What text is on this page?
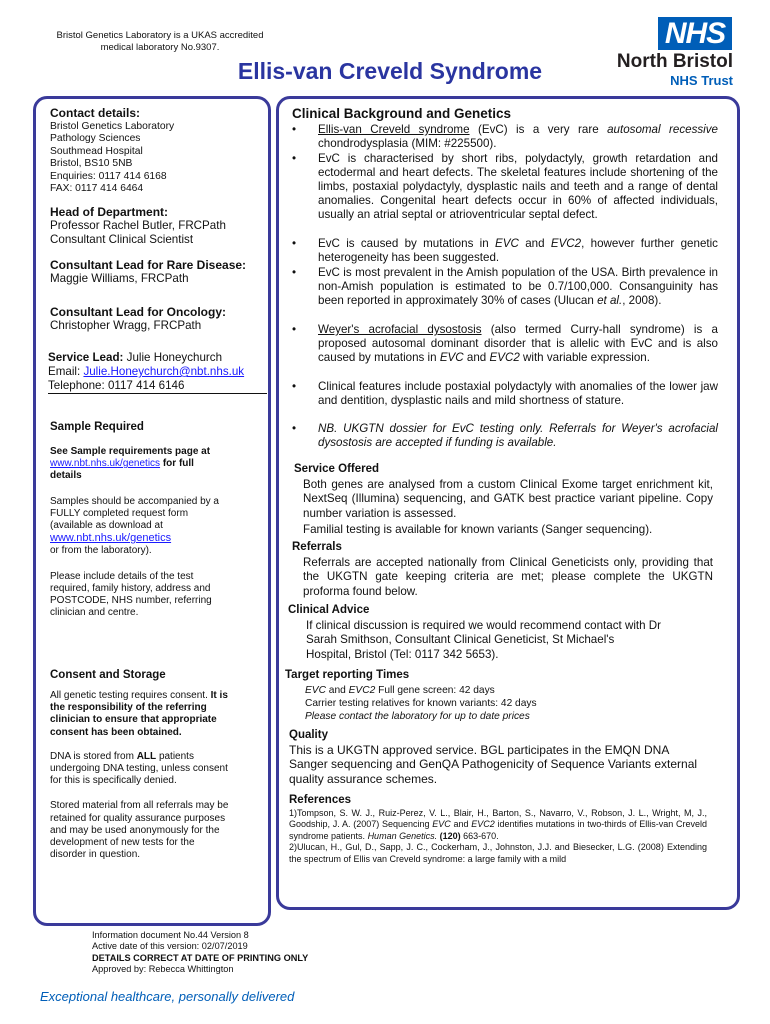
Bristol Genetics Laboratory is a UKAS accredited
medical laboratory No.9307.
Ellis-van Creveld Syndrome
NHS
North Bristol
NHS Trust
Contact details:
Bristol Genetics Laboratory
Pathology Sciences
Southmead Hospital
Bristol, BS10 5NB
Enquiries: 0117 414 6168
FAX: 0117 414 6464
Head of Department:
Professor Rachel Butler, FRCPath
Consultant Clinical Scientist
Consultant Lead for Rare Disease:
Maggie Williams, FRCPath
Consultant Lead for Oncology:
Christopher Wragg, FRCPath
Service Lead: Julie Honeychurch
Email: Julie.Honeychurch@nbt.nhs.uk
Telephone: 0117 414 6146
Sample Required
See Sample requirements page at
www.nbt.nhs.uk/genetics for full
details
Samples should be accompanied by a
FULLY completed request form
(available as download at
www.nbt.nhs.uk/genetics
or from the laboratory).
Please include details of the test
required, family history, address and
POSTCODE, NHS number, referring
clinician and centre.
Consent and Storage
All genetic testing requires consent. It is
the responsibility of the referring
clinician to ensure that appropriate
consent has been obtained.
DNA is stored from ALL patients
undergoing DNA testing, unless consent
for this is specifically denied.
Stored material from all referrals may be
retained for quality assurance purposes
and may be used anonymously for the
development of new tests for the
disorder in question.
Clinical Background and Genetics
• Ellis-van Creveld syndrome (EvC) is a very rare autosomal recessive chondrodysplasia (MIM: #225500).
• EvC is characterised by short ribs, polydactyly, growth retardation and ectodermal and heart defects. The skeletal features include shortening of the limbs, postaxial polydactyly, dysplastic nails and teeth and a range of dental anomalies. Congenital heart defects occur in 60% of affected individuals, usually an atrial septal or atrioventricular septal defect.
• EvC is caused by mutations in EVC and EVC2, however further genetic heterogeneity has been suggested.
• EvC is most prevalent in the Amish population of the USA. Birth prevalence in non-Amish population is estimated to be 0.7/100,000. Consanguinity has been reported in approximately 30% of cases (Ulucan et al., 2008).
• Weyer's acrofacial dysostosis (also termed Curry-hall syndrome) is a proposed autosomal dominant disorder that is allelic with EvC and is also caused by mutations in EVC and EVC2 with variable expression.
• Clinical features include postaxial polydactyly with anomalies of the lower jaw and dentition, dysplastic nails and mild shortness of stature.
• NB. UKGTN dossier for EvC testing only. Referrals for Weyer's acrofacial dysostosis are accepted if funding is available.
Service Offered
Both genes are analysed from a custom Clinical Exome target enrichment kit, NextSeq (Illumina) sequencing, and GATK best practice variant pipeline. Copy number variation is assessed.
Familial testing is available for known variants (Sanger sequencing).
Referrals
Referrals are accepted nationally from Clinical Geneticists only, providing that the UKGTN gate keeping criteria are met; please complete the UKGTN proforma found below.
Clinical Advice
If clinical discussion is required we would recommend contact with Dr
Sarah Smithson, Consultant Clinical Geneticist, St Michael's
Hospital, Bristol (Tel: 0117 342 5653).
Target reporting Times
EVC and EVC2 Full gene screen: 42 days
Carrier testing relatives for known variants: 42 days
Please contact the laboratory for up to date prices
Quality
This is a UKGTN approved service. BGL participates in the EMQN DNA Sanger sequencing and GenQA Pathogenicity of Sequence Variants external quality assurance schemes.
References
1)Tompson, S. W. J., Ruiz-Perez, V. L., Blair, H., Barton, S., Navarro, V., Robson, J. L., Wright, M, J., Goodship, J. A. (2007) Sequencing EVC and EVC2 identifies mutations in two-thirds of Ellis-van Creveld syndrome patients. Human Genetics. (120) 663-670.
2)Ulucan, H., Gul, D., Sapp, J. C., Cockerham, J., Johnston, J.J. and Biesecker, L.G. (2008) Extending the spectrum of Ellis van Creveld syndrome: a large family with a mild
Information document No.44 Version 8
Active date of this version: 02/07/2019
DETAILS CORRECT AT DATE OF PRINTING ONLY
Approved by: Rebecca Whittington
Exceptional healthcare, personally delivered
